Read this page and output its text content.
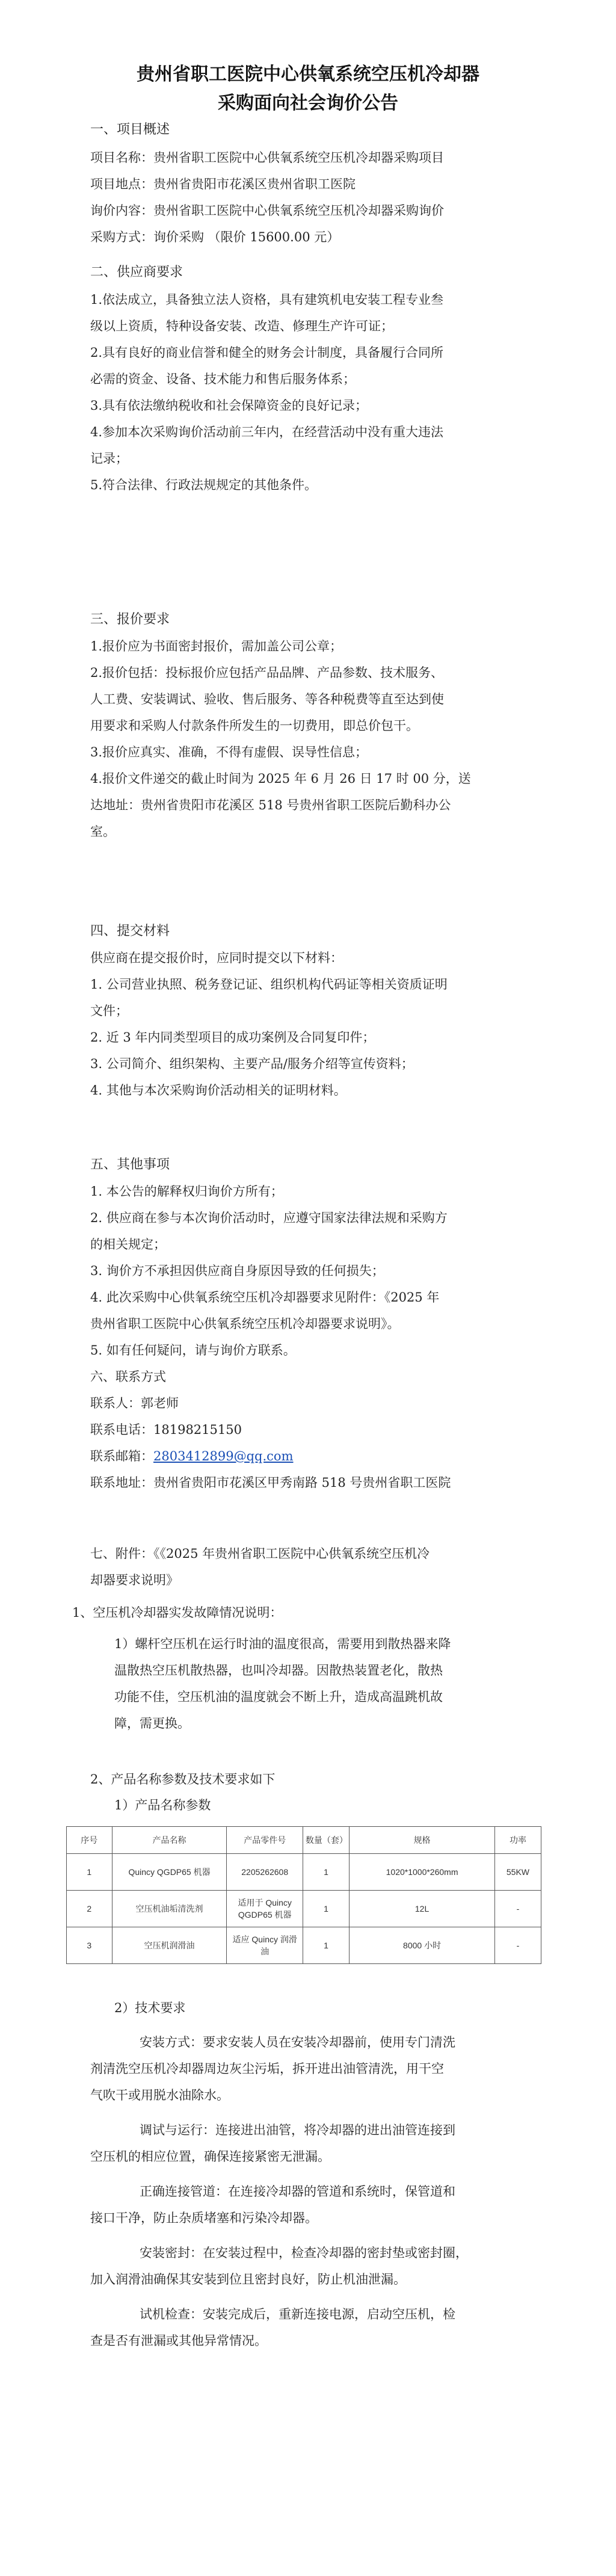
贵州省职工医院中心供氧系统空压机冷却器
采购面向社会询价公告
一、项目概述
项目名称：贵州省职工医院中心供氧系统空压机冷却器采购项目
项目地点：贵州省贵阳市花溪区贵州省职工医院
询价内容：贵州省职工医院中心供氧系统空压机冷却器采购询价
采购方式：询价采购 （限价 15600.00 元）
二、供应商要求
1.依法成立，具备独立法人资格，具有建筑机电安装工程专业叁
级以上资质，特种设备安装、改造、修理生产许可证；
2.具有良好的商业信誉和健全的财务会计制度，具备履行合同所
必需的资金、设备、技术能力和售后服务体系；
3.具有依法缴纳税收和社会保障资金的良好记录；
4.参加本次采购询价活动前三年内，在经营活动中没有重大违法
记录；
5.符合法律、行政法规规定的其他条件。
三、报价要求
1.报价应为书面密封报价，需加盖公司公章；
2.报价包括：投标报价应包括产品品牌、产品参数、技术服务、
人工费、安装调试、验收、售后服务、等各种税费等直至达到使
用要求和采购人付款条件所发生的一切费用，即总价包干。
3.报价应真实、准确，不得有虚假、误导性信息；
4.报价文件递交的截止时间为 2025 年 6 月 26 日 17 时 00 分，送
达地址：贵州省贵阳市花溪区 518 号贵州省职工医院后勤科办公
室。
四、提交材料
供应商在提交报价时，应同时提交以下材料：
1. 公司营业执照、税务登记证、组织机构代码证等相关资质证明
文件；
2. 近 3 年内同类型项目的成功案例及合同复印件；
3. 公司简介、组织架构、主要产品/服务介绍等宣传资料；
4. 其他与本次采购询价活动相关的证明材料。
五、其他事项
1. 本公告的解释权归询价方所有；
2. 供应商在参与本次询价活动时，应遵守国家法律法规和采购方
的相关规定；
3. 询价方不承担因供应商自身原因导致的任何损失；
4. 此次采购中心供氧系统空压机冷却器要求见附件：《2025 年
贵州省职工医院中心供氧系统空压机冷却器要求说明》。
5. 如有任何疑问，请与询价方联系。
六、联系方式
联系人：郭老师
联系电话：18198215150
联系邮箱：280341289​9@qq.com
联系地址：贵州省贵阳市花溪区甲秀南路 518 号贵州省职工医院
七、附件：《《2025 年贵州省职工医院中心供氧系统空压机冷
却器要求说明》
1、空压机冷却器实发故障情况说明：
1）螺杆空压机在运行时油的温度很高，需要用到散热器来降
温散热空压机散热器，也叫冷却器。因散热装置老化，散热
功能不佳，空压机油的温度就会不断上升，造成高温跳机故
障，需更换。
2、产品名称参数及技术要求如下
1）产品名称参数
序号	产品名称	产品零件号	数量（套）	规格	功率
1	Quincy QGDP65 机器	2205262608	1	1020*1000*260mm	55KW
2	空压机油垢清洗剂	适用于 Quincy QGDP65 机器	1	12L	-
3	空压机润滑油	适应 Quincy 润滑油	1	8000 小时	-
2）技术要求
安装方式：要求安装人员在安装冷却器前，使用专门清洗
剂清洗空压机冷却器周边灰尘污垢，拆开进出油管清洗，用干空
气吹干或用脱水油除水。
调试与运行：连接进出油管，将冷却器的进出油管连接到
空压机的相应位置，确保连接紧密无泄漏。
正确连接管道：在连接冷却器的管道和系统时，保管道和
接口干净，防止杂质堵塞和污染冷却器。
安装密封：在安装过程中，检查冷却器的密封垫或密封圈，
加入润滑油确保其安装到位且密封良好，防止机油泄漏。
试机检查：安装完成后，重新连接电源，启动空压机，检
查是否有泄漏或其他异常情况。
